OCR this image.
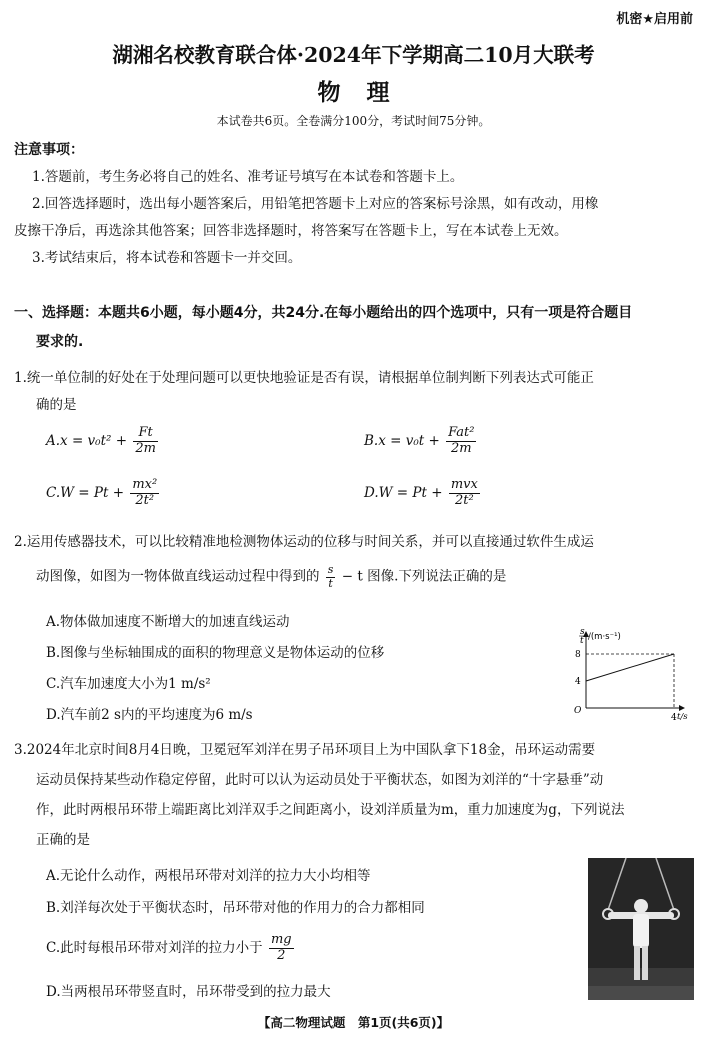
机密★启用前
湖湘名校教育联合体·2024年下学期高二10月大联考
物理
本试卷共6页。全卷满分100分，考试时间75分钟。
注意事项：
1.答题前，考生务必将自己的姓名、准考证号填写在本试卷和答题卡上。
2.回答选择题时，选出每小题答案后，用铅笔把答题卡上对应的答案标号涂黑，如有改动，用橡
皮擦干净后，再选涂其他答案；回答非选择题时，将答案写在答题卡上，写在本试卷上无效。
3.考试结束后，将本试卷和答题卡一并交回。
一、选择题：本题共6小题，每小题4分，共24分.在每小题给出的四个选项中，只有一项是符合题目
要求的.
1.统一单位制的好处在于处理问题可以更快地验证是否有误，请根据单位制判断下列表达式可能正
确的是
$A.x = v_0t^2 + \frac{Ft}{2m}$	$B.x = v_0t + \frac{\text{Fat²}}{2m}$
$C.W = Pt + \frac{\text{mx²}}{\text{2t²}}$	$D.W = Pt + \frac{\text{mvx}}{\text{2t²}}$
2.运用传感器技术，可以比较精准地检测物体运动的位移与时间关系，并可以直接通过软件生成运
动图像，如图为一物体做直线运动过程中得到的 $\frac{s}{t} - t$ 图像.下列说法正确的是
A.物体做加速度不断增大的加速直线运动
B.图像与坐标轴围成的面积的物理意义是物体运动的位移
C.汽车加速度大小为1 m/s²
D.汽车前2 s内的平均速度为6 m/s
s
t /(m·s⁻¹)
t/s
O
8
4
4
3.2024年北京时间8月4日晚，卫冕冠军刘洋在男子吊环项目上为中国队拿下18金，吊环运动需要
运动员保持某些动作稳定停留，此时可以认为运动员处于平衡状态，如图为刘洋的“十字悬垂”动
作，此时两根吊环带上端距离比刘洋双手之间距离小，设刘洋质量为m，重力加速度为g，下列说法
正确的是
A.无论什么动作，两根吊环带对刘洋的拉力大小均相等
B.刘洋每次处于平衡状态时，吊环带对他的作用力的合力都相同
C.此时每根吊环带对刘洋的拉力小于 $\frac{mg}{2}$
D.当两根吊环带竖直时，吊环带受到的拉力最大
【高二物理试题　第1页(共6页)】
